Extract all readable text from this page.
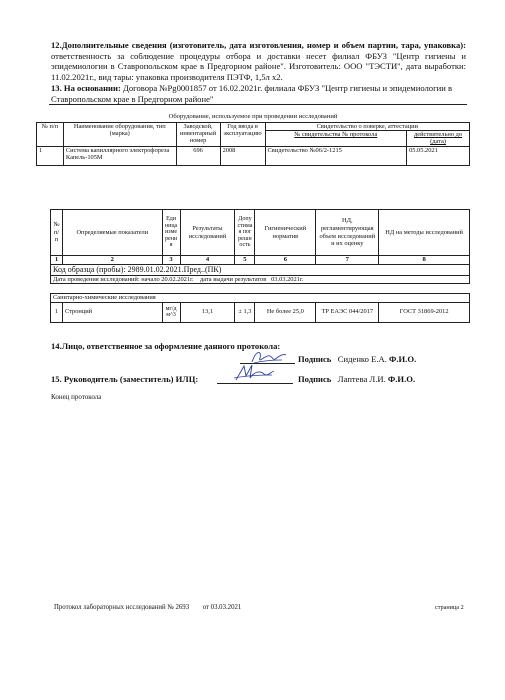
12.Дополнительные сведения (изготовитель, дата изготовления, номер и объем партии, тара, упаковка): ответственность за соблюдение процедуры отбора и доставки несет филиал ФБУЗ "Центр гигиены и эпидемиологии в Ставропольском крае в Предгорном районе". Изготовитель: ООО "ТЭСТИ", дата выработки: 11.02.2021г., вид тары: упаковка производителя ПЭТФ, 1,5л х2.
13. На основании: Договора №Pg0001857 от 16.02.2021г. филиала ФБУЗ "Центр гигиены и эпидемиологии в Ставропольском крае в Предгорном районе"
Оборудование, используемое при проведении исследований
№ п/п	Наименование оборудования, тип (марка)	Заводской, инвентарный номер	Год ввода в эксплуатацию	Свидетельство о поверке, аттестации	
				№ свидетельства № протокола	действительно до (дата)
1	Система капиллярного электрофореза Капель-105М	696	2008	Свидетельство №06/2-1215	05.05.2021
№ п/п	Определяемые показатели	Единица измерения	Результаты исследований	Допустимая погрешность	Гигиенический норматив	НД, регламентирующая объем исследований и их оценку	НД на методы исследований
1	2	3	4	5	6	7	8
Код образца (пробы): 2989.01.02.2021.Пред..(ПК)							
Дата проведения исследований: начало 20.02.2021г.    дата выдачи результатов   03.03.2021г.							

Санитарно-химические исследования							
1	Стронций	мг/дм^3	13,1	± 1,3	Не более 25,0	ТР ЕАЭС 044/2017	ГОСТ 31869-2012
14.Лицо, ответственное за оформление данного протокола:
Подпись Сиденко Е.А. Ф.И.О.
15. Руководитель (заместитель) ИЛЦ:	Подпись Лаптева Л.И. Ф.И.О.
Конец протокола
Протокол лабораторных исследований № 2693 от 03.03.2021	страница 2
